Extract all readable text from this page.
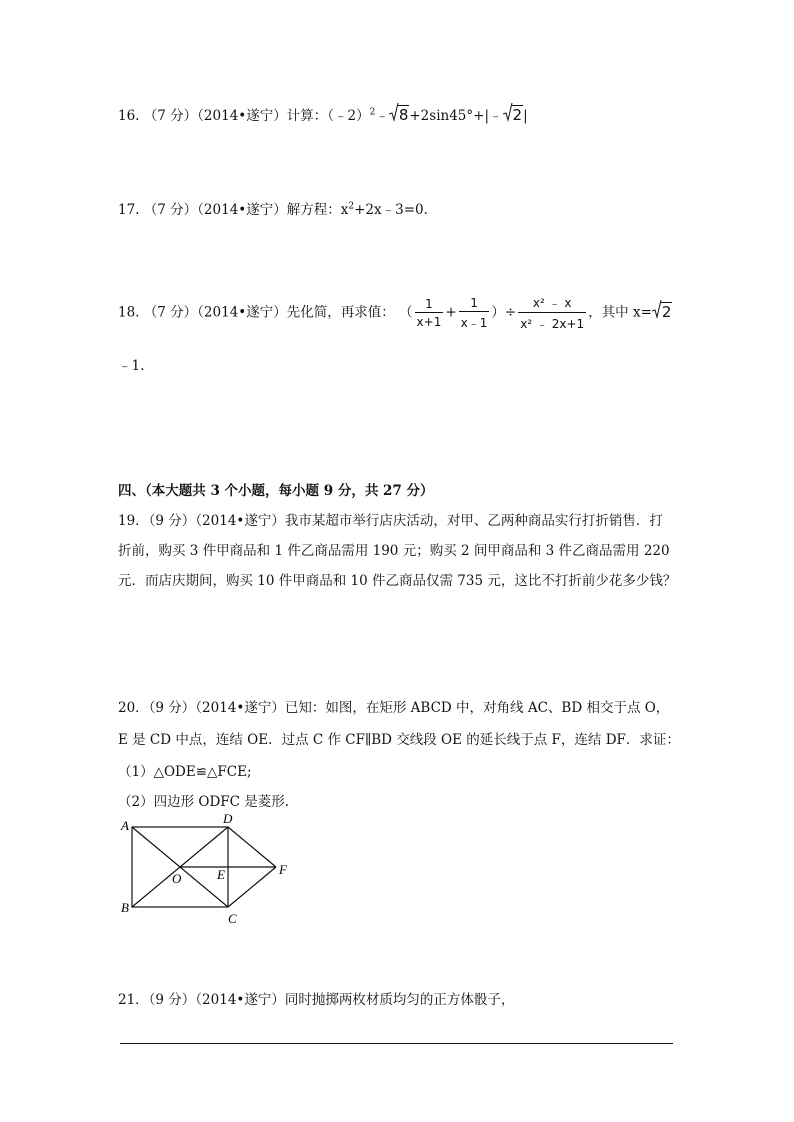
16. （7 分）（2014•遂宁）计算：（﹣2）$^2$﹣ 8+2sin45°+|﹣ 2|
17. （7 分）（2014•遂宁）解方程：$x^2+2x﹣3=0$.
18. （7 分）（2014•遂宁）先化简，再求值： （ $\frac{1}{x+1} + \frac{1}{x﹣1}$ ）÷ $\frac{\text{x² ﹣ x}}{\text{x² ﹣ 2x+1}}$ ，其中 x= 2
﹣1.
四、（本大题共 3 个小题，每小题 9 分，共 27 分）
19．（9 分）（2014•遂宁）我市某超市举行店庆活动，对甲、乙两种商品实行打折销售．打
折前，购买 3 件甲商品和 1 件乙商品需用 190 元；购买 2 间甲商品和 3 件乙商品需用 220
元．而店庆期间，购买 10 件甲商品和 10 件乙商品仅需 735 元，这比不打折前少花多少钱？
20．（9 分）（2014•遂宁）已知：如图，在矩形 ABCD 中，对角线 AC、BD 相交于点 O，
E 是 CD 中点，连结 OE．过点 C 作 CF∥BD 交线段 OE 的延长线于点 F，连结 DF．求证：
（1）△ODE≌△FCE;
（2）四边形 ODFC 是菱形.
A
B
C
D
O	E	F
21．（9 分）（2014•遂宁）同时抛掷两枚材质均匀的正方体骰子，
